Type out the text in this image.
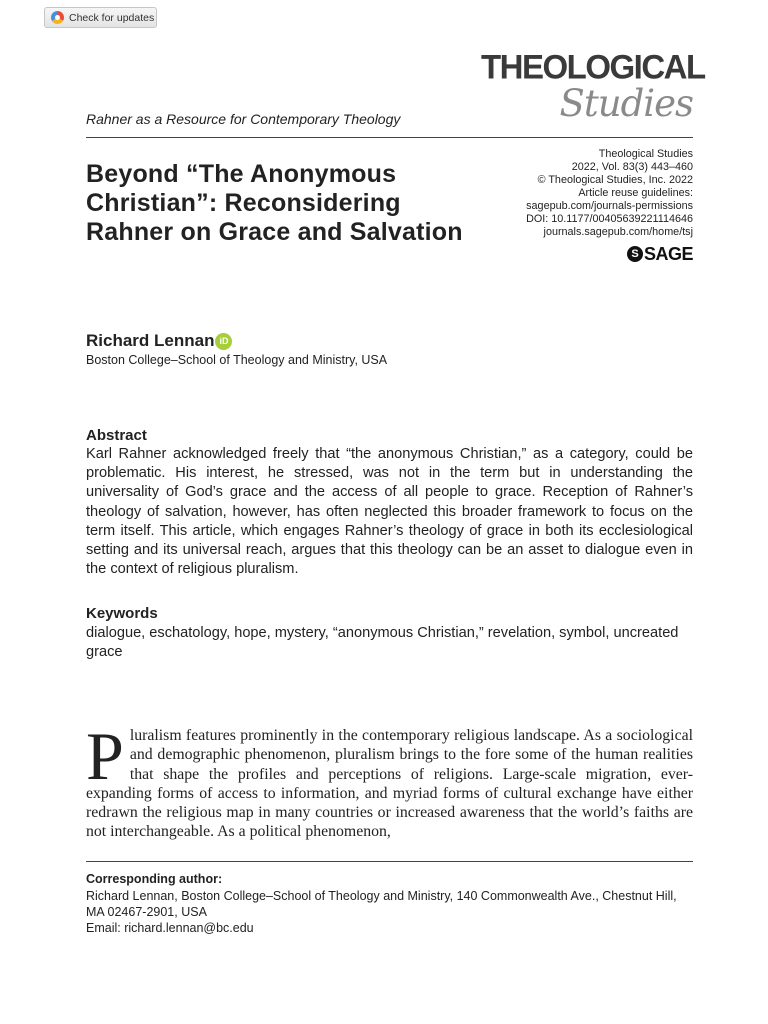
Check for updates
THEOLOGICAL
Studies
Rahner as a Resource for Contemporary Theology
Beyond “The Anonymous Christian”: Reconsidering Rahner on Grace and Salvation
Theological Studies
2022, Vol. 83(3) 443–460
© Theological Studies, Inc. 2022
Article reuse guidelines:
sagepub.com/journals-permissions
DOI: 10.1177/00405639221114646
journals.sagepub.com/home/tsj
S SAGE
Richard Lennan iD
Boston College–School of Theology and Ministry, USA
Abstract
Karl Rahner acknowledged freely that “the anonymous Christian,” as a category, could be problematic. His interest, he stressed, was not in the term but in understanding the universality of God’s grace and the access of all people to grace. Reception of Rahner’s theology of salvation, however, has often neglected this broader framework to focus on the term itself. This article, which engages Rahner’s theology of grace in both its ecclesiological setting and its universal reach, argues that this theology can be an asset to dialogue even in the context of religious pluralism.
Keywords
dialogue, eschatology, hope, mystery, “anonymous Christian,” revelation, symbol, uncreated grace
P luralism features prominently in the contemporary religious landscape. As a sociological and demographic phenomenon, pluralism brings to the fore some of the human realities that shape the profiles and perceptions of religions. Large-scale migration, ever-expanding forms of access to information, and myriad forms of cultural exchange have either redrawn the religious map in many countries or increased awareness that the world’s faiths are not interchangeable. As a political phenomenon,
Corresponding author:
Richard Lennan, Boston College–School of Theology and Ministry, 140 Commonwealth Ave., Chestnut Hill, MA 02467-2901, USA
Email: richard.lennan@bc.edu
